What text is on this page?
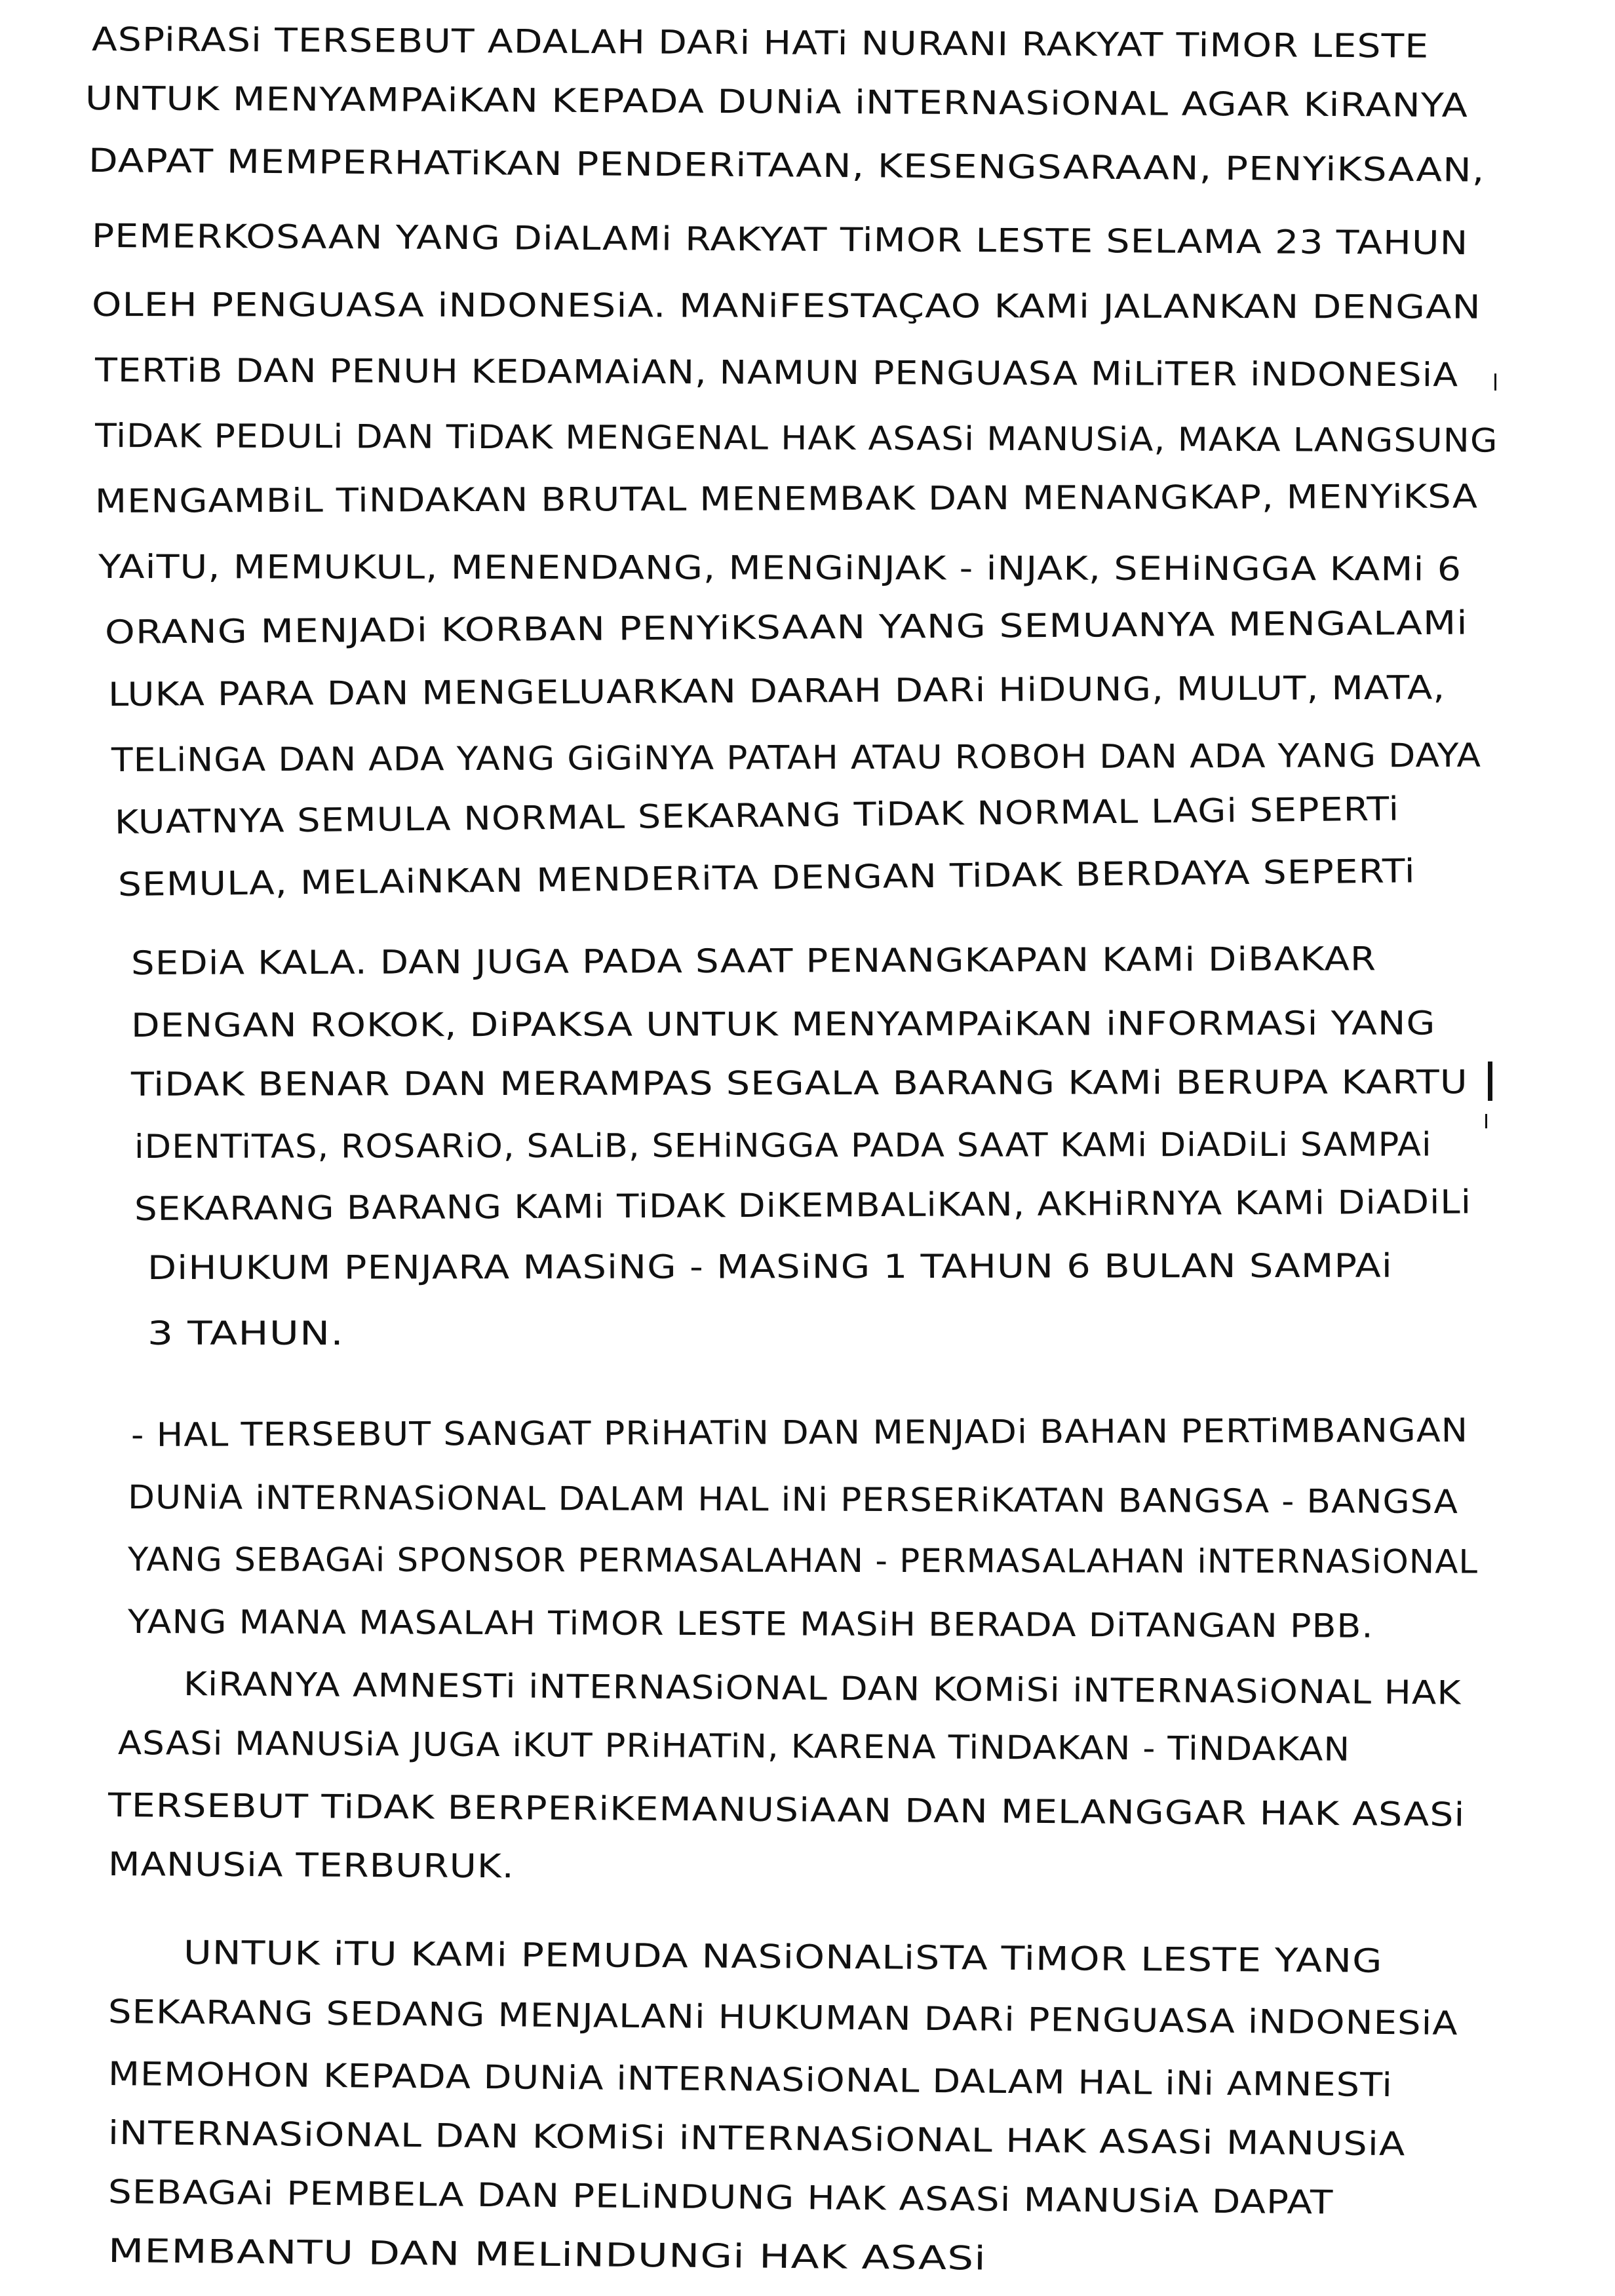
ASPiRASi TERSEBUT ADALAH DARi HATi NURANI RAKYAT TiMOR LESTE

UNTUK MENYAMPAiKAN KEPADA DUNiA iNTERNASiONAL AGAR KiRANYA

DAPAT MEMPERHATiKAN PENDERiTAAN, KESENGSARAAN, PENYiKSAAN,

PEMERKOSAAN YANG DiALAMi RAKYAT TiMOR LESTE SELAMA 23 TAHUN

OLEH PENGUASA iNDONESiA. MANiFESTAÇAO KAMi JALANKAN DENGAN

TERTiB DAN PENUH KEDAMAiAN, NAMUN PENGUASA MiLiTER iNDONESiA

TiDAK PEDULi DAN TiDAK MENGENAL HAK ASASi MANUSiA, MAKA LANGSUNG

MENGAMBiL TiNDAKAN BRUTAL MENEMBAK DAN MENANGKAP, MENYiKSA

YAiTU, MEMUKUL, MENENDANG, MENGiNJAK - iNJAK, SEHiNGGA KAMi 6

ORANG MENJADi KORBAN PENYiKSAAN YANG SEMUANYA MENGALAMi

LUKA PARA DAN MENGELUARKAN DARAH DARi HiDUNG, MULUT, MATA,

TELiNGA DAN ADA YANG GiGiNYA PATAH ATAU ROBOH DAN ADA YANG DAYA

KUATNYA SEMULA NORMAL SEKARANG TiDAK NORMAL LAGi SEPERTi

SEMULA, MELAiNKAN MENDERiTA DENGAN TiDAK BERDAYA SEPERTi

SEDiA KALA. DAN JUGA PADA SAAT PENANGKAPAN KAMi DiBAKAR

DENGAN ROKOK, DiPAKSA UNTUK MENYAMPAiKAN iNFORMASi YANG

TiDAK BENAR DAN MERAMPAS SEGALA BARANG KAMi BERUPA KARTU

iDENTiTAS, ROSARiO, SALiB, SEHiNGGA PADA SAAT KAMi DiADiLi SAMPAi

SEKARANG BARANG KAMi TiDAK DiKEMBALiKAN, AKHiRNYA KAMi DiADiLi

DiHUKUM PENJARA MASiNG - MASiNG 1 TAHUN 6 BULAN SAMPAi

3 TAHUN.

- HAL TERSEBUT SANGAT PRiHATiN DAN MENJADi BAHAN PERTiMBANGAN

DUNiA iNTERNASiONAL DALAM HAL iNi PERSERiKATAN BANGSA - BANGSA

YANG SEBAGAi SPONSOR PERMASALAHAN - PERMASALAHAN iNTERNASiONAL

YANG MANA MASALAH TiMOR LESTE MASiH BERADA DiTANGAN PBB.

KiRANYA AMNESTi iNTERNASiONAL DAN KOMiSi iNTERNASiONAL HAK

ASASi MANUSiA JUGA iKUT PRiHATiN, KARENA TiNDAKAN - TiNDAKAN

TERSEBUT TiDAK BERPERiKEMANUSiAAN DAN MELANGGAR HAK ASASi

MANUSiA TERBURUK.

UNTUK iTU KAMi PEMUDA NASiONALiSTA TiMOR LESTE YANG

SEKARANG SEDANG MENJALANi HUKUMAN DARi PENGUASA iNDONESiA

MEMOHON KEPADA DUNiA iNTERNASiONAL DALAM HAL iNi AMNESTi

iNTERNASiONAL DAN KOMiSi iNTERNASiONAL HAK ASASi MANUSiA

SEBAGAi PEMBELA DAN PELiNDUNG HAK ASASi MANUSiA DAPAT

MEMBANTU DAN MELiNDUNGi HAK ASASi
